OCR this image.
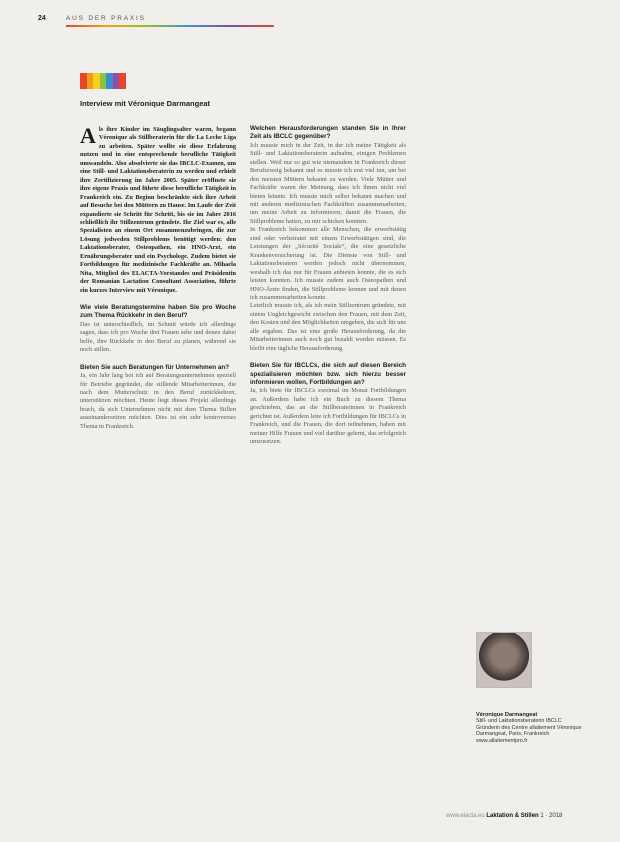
24	AUS DER PRAXIS
Interview mit Véronique Darmangeat

Als ihre Kinder im Säuglingsalter waren, begann Véronique als Stillberaterin für die La Leche Liga zu arbeiten. Später wollte sie diese Erfahrung nutzen und in eine entsprechende berufliche Tätigkeit umwandeln. Also absolvierte sie das IBCLC-Examen, um eine Still- und Laktationsberaterin zu werden und erhielt ihre Zertifizierung im Jahre 2005. Später eröffnete sie ihre eigene Praxis und führte diese berufliche Tätigkeit in Frankreich ein. Zu Beginn beschränkte sich ihre Arbeit auf Besuche bei den Müttern zu Hause. Im Laufe der Zeit expandierte sie Schritt für Schritt, bis sie im Jahre 2016 schließlich ihr Stillzentrum gründete. Ihr Ziel war es, alle Spezialisten an einem Ort zusammenzubringen, die zur Lösung jedweden Stillproblems benötigt werden: den Laktationsberater, Osteopathen, ein HNO-Arzt, ein Ernährungsberater und ein Psychologe. Zudem bietet sie Fortbildungen für medizinische Fachkräfte an. Mihaela Nita, Mitglied des ELACTA-Vorstandes und Präsidentin der Romanian Lactation Consultant Association, führte ein kurzes Interview mit Véronique.

Wie viele Beratungstermine haben Sie pro Woche zum Thema Rückkehr in den Beruf?

Das ist unterschiedlich, im Schnitt würde ich allerdings sagen, dass ich pro Woche drei Frauen sehe und denen dabei helfe, ihre Rückkehr in den Beruf zu planen, während sie noch stillen.

Bieten Sie auch Beratungen für Unternehmen an?

Ja, ein Jahr lang bot ich auf Beratungsunternehmen speziell für Betriebe gegründet, die stillende Mitarbeiterinnen, die nach dem Mutterschutz in den Beruf zurückkehren, unterstützen möchten. Heute liegt dieses Projekt allerdings brach, da sich Unternehmen nicht mit dem Thema Stillen auseinandersetzen möchten. Dies ist ein sehr kontroverses Thema in Frankreich.

Welchen Herausforderungen standen Sie in Ihrer Zeit als IBCLC gegenüber?

Ich musste mich in der Zeit, in der ich meine Tätigkeit als Still- und Laktationsberaterin aufnahm, einigen Problemen stellen. Weil nur so gut wie niemandem in Frankreich dieser Berufszweig bekannt und es musste ich erst viel tun, um bei den meisten Müttern bekannt zu werden. Viele Mütter und Fachkräfte waren der Meinung, dass ich ihnen nicht viel bieten könnte. Ich musste mich selbst bekannt machen und mit anderen medizinischen Fachkräften zusammenarbeiten, um meine Arbeit zu informieren, damit die Frauen, die Stillprobleme hatten, zu mir schicken konnten.

In Frankreich bekommen alle Menschen, die erwerbstätig sind oder verheiratet mit einem Erwerbstätigen sind, die Leistungen der „Sécurité Sociale“, die eine gesetzliche Krankenversicherung ist. Die Dienste von Still- und Laktationsberatern werden jedoch nicht übernommen, weshalb ich das nur für Frauen anbieten konnte, die es sich leisten konnten. Ich musste zudem auch Osteopathen und HNO-Ärzte finden, die Stillprobleme kennen und mit denen ich zusammenarbeiten konnte.

Letztlich musste ich, als ich mein Stillzentrum gründete, mit einem Ungleichgewicht zwischen den Frauen, mit dem Zeit, den Kosten und den Möglichkeiten umgehen, die sich für uns alle ergaben. Das ist eine große Herausforderung, da die Mitarbeiterinnen auch noch gut bezahlt werden müssen. Es bleibt eine tägliche Herausforderung.

Bieten Sie für IBCLCs, die sich auf diesen Bereich spezialisieren möchten bzw. sich hierzu besser informieren wollen, Fortbildungen an?

Ja, ich biete für IBCLCs zweimal im Monat Fortbildungen an. Außerdem habe ich ein Buch zu diesem Thema geschrieben, das an die Stillberaterinnen in Frankreich gerichtet ist. Außerdem leite ich Fortbildungen für IBCLCs in Frankreich, und die Frauen, die dort teilnehmen, haben mit meiner Hilfe Frauen und viel darüber gelernt, das erfolgreich umzusetzen.

Véronique Darmangeat
Still- und Laktationsberaterin IBCLC
Gründerin des Centre allaitement Véronique Darmangeat, Paris, Frankreich
www.allaitementpro.fr
www.elacta.eu Laktation & Stillen 1 · 2018
